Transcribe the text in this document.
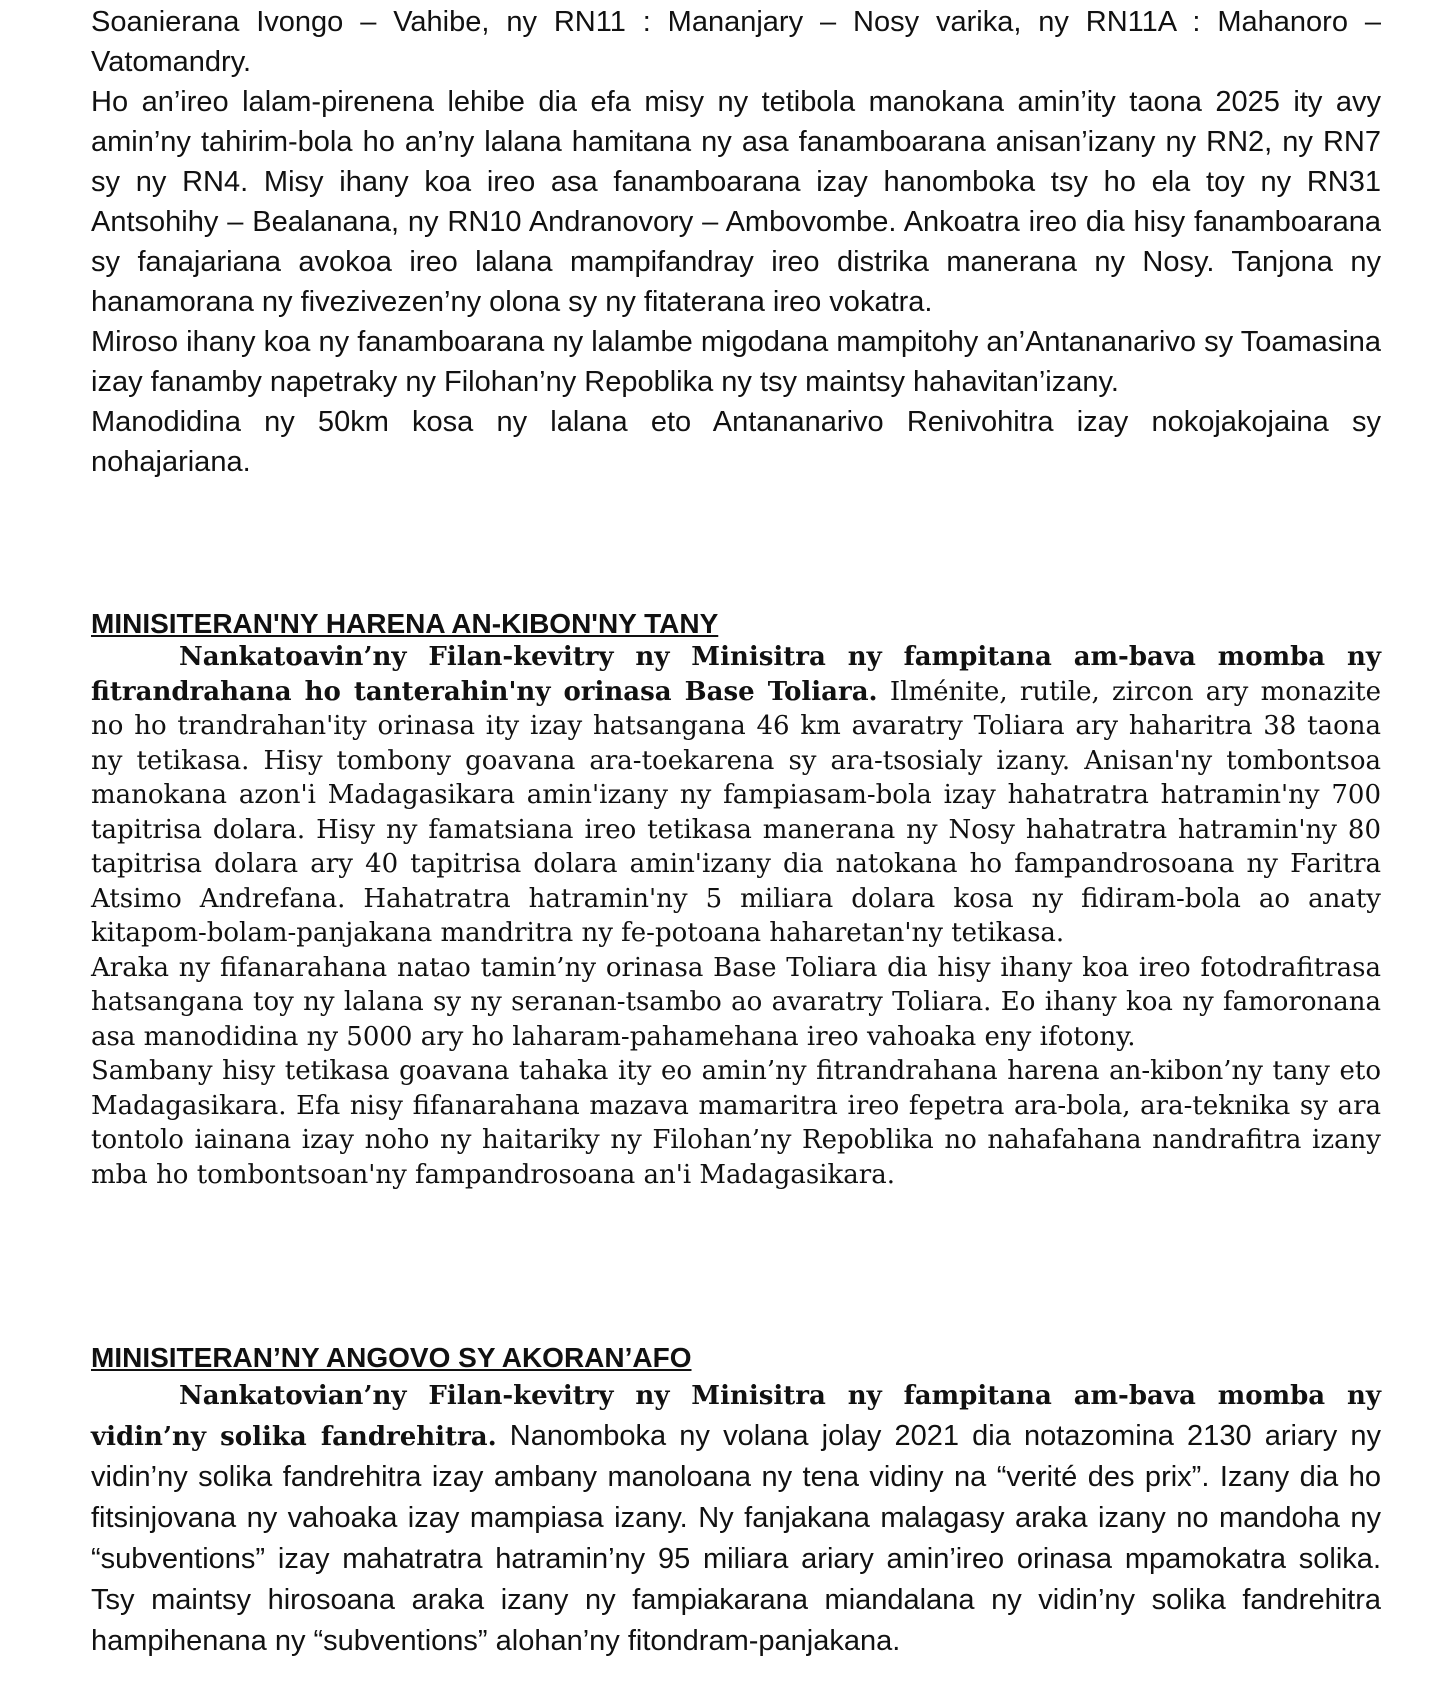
Soanierana Ivongo – Vahibe, ny RN11 : Mananjary – Nosy varika, ny RN11A : Mahanoro – Vatomandry.

Ho an’ireo lalam-pirenena lehibe dia efa misy ny tetibola manokana amin’ity taona 2025 ity avy amin’ny tahirim-bola ho an’ny lalana hamitana ny asa fanamboarana anisan’izany ny RN2, ny RN7 sy ny RN4. Misy ihany koa ireo asa fanamboarana izay hanomboka tsy ho ela toy ny RN31 Antsohihy – Bealanana, ny RN10 Andranovory – Ambovombe. Ankoatra ireo dia hisy fanamboarana sy fanajariana avokoa ireo lalana mampifandray ireo distrika manerana ny Nosy. Tanjona ny hanamorana ny fivezivezen’ny olona sy ny fitaterana ireo vokatra.

Miroso ihany koa ny fanamboarana ny lalambe migodana mampitohy an’Antananarivo sy Toamasina izay fanamby napetraky ny Filohan’ny Repoblika ny tsy maintsy hahavitan’izany.

Manodidina ny 50km kosa ny lalana eto Antananarivo Renivohitra izay nokojakojaina sy nohajariana.

MINISITERAN'NY HARENA AN-KIBON'NY TANY

Nankatoavin’ny Filan-kevitry ny Minisitra ny fampitana am-bava momba ny fitrandrahana ho tanterahin'ny orinasa Base Toliara. Ilménite, rutile, zircon ary monazite no ho trandrahan'ity orinasa ity izay hatsangana 46 km avaratry Toliara ary haharitra 38 taona ny tetikasa. Hisy tombony goavana ara-toekarena sy ara-tsosialy izany. Anisan'ny tombontsoa manokana azon'i Madagasikara amin'izany ny fampiasam-bola izay hahatratra hatramin'ny 700 tapitrisa dolara. Hisy ny famatsiana ireo tetikasa manerana ny Nosy hahatratra hatramin'ny 80 tapitrisa dolara ary 40 tapitrisa dolara amin'izany dia natokana ho fampandrosoana ny Faritra Atsimo Andrefana. Hahatratra hatramin'ny 5 miliara dolara kosa ny fidiram-bola ao anaty kitapom-bolam-panjakana mandritra ny fe-potoana haharetan'ny tetikasa.

Araka ny fifanarahana natao tamin’ny orinasa Base Toliara dia hisy ihany koa ireo fotodrafitrasa hatsangana toy ny lalana sy ny seranan-tsambo ao avaratry Toliara. Eo ihany koa ny famoronana asa manodidina ny 5000 ary ho laharam-pahamehana ireo vahoaka eny ifotony.

Sambany hisy tetikasa goavana tahaka ity eo amin’ny fitrandrahana harena an-kibon’ny tany eto Madagasikara. Efa nisy fifanarahana mazava mamaritra ireo fepetra ara-bola, ara-teknika sy ara tontolo iainana izay noho ny haitariky ny Filohan’ny Repoblika no nahafahana nandrafitra izany mba ho tombontsoan'ny fampandrosoana an'i Madagasikara.

MINISITERAN’NY ANGOVO SY AKORAN’AFO

Nankatovian’ny Filan-kevitry ny Minisitra ny fampitana am-bava momba ny vidin’ny solika fandrehitra. Nanomboka ny volana jolay 2021 dia notazomina 2130 ariary ny vidin’ny solika fandrehitra izay ambany manoloana ny tena vidiny na “verité des prix”. Izany dia ho fitsinjovana ny vahoaka izay mampiasa izany. Ny fanjakana malagasy araka izany no mandoha ny “subventions” izay mahatratra hatramin’ny 95 miliara ariary amin’ireo orinasa mpamokatra solika. Tsy maintsy hirosoana araka izany ny fampiakarana miandalana ny vidin’ny solika fandrehitra hampihenana ny “subventions” alohan’ny fitondram-panjakana.
